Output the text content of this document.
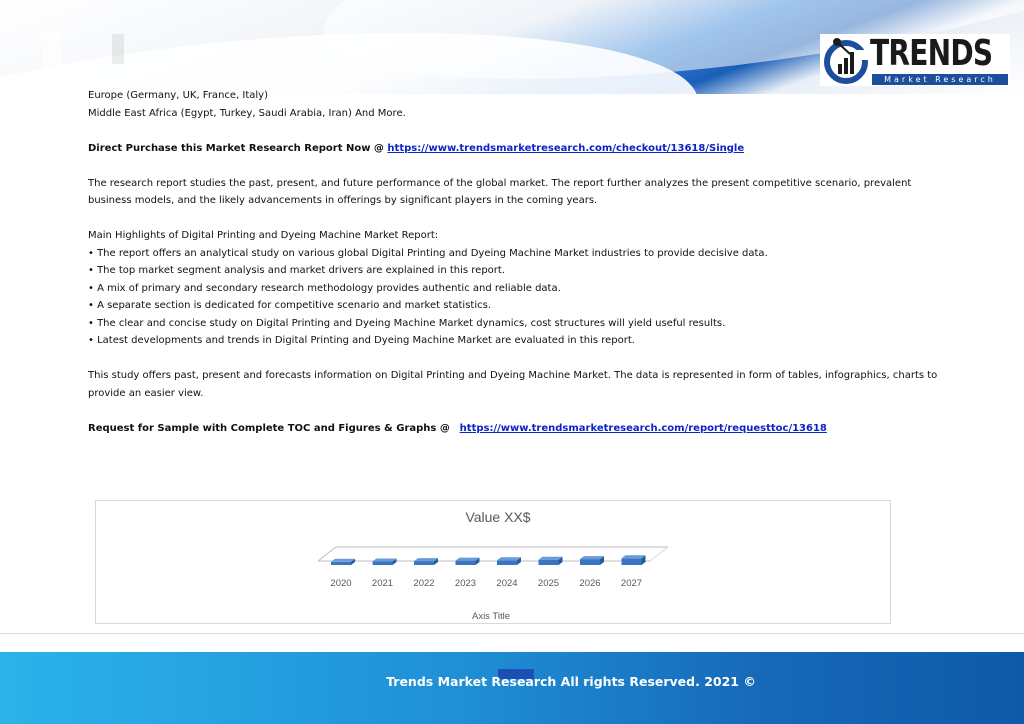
TRENDS
Market Research

Europe (Germany, UK, France, Italy)

Middle East Africa (Egypt, Turkey, Saudi Arabia, Iran) And More.

Direct Purchase this Market Research Report Now @ https://www.trendsmarketresearch.com/checkout/13618/Single

The research report studies the past, present, and future performance of the global market. The report further analyzes the present competitive scenario, prevalent business models, and the likely advancements in offerings by significant players in the coming years.

Main Highlights of Digital Printing and Dyeing Machine Market Report:

• The report offers an analytical study on various global Digital Printing and Dyeing Machine Market industries to provide decisive data.

• The top market segment analysis and market drivers are explained in this report.

• A mix of primary and secondary research methodology provides authentic and reliable data.

• A separate section is dedicated for competitive scenario and market statistics.

• The clear and concise study on Digital Printing and Dyeing Machine Market dynamics, cost structures will yield useful results.

• Latest developments and trends in Digital Printing and Dyeing Machine Market are evaluated in this report.

This study offers past, present and forecasts information on Digital Printing and Dyeing Machine Market. The data is represented in form of tables, infographics, charts to provide an easier view.

Request for Sample with Complete TOC and Figures & Graphs @   https://www.trendsmarketresearch.com/report/requesttoc/13618

Value XX$
2020 2021 2022 2023 2024 2025 2026 2027
Axis Title
Trends Market Research All rights Reserved. 2021 ©
